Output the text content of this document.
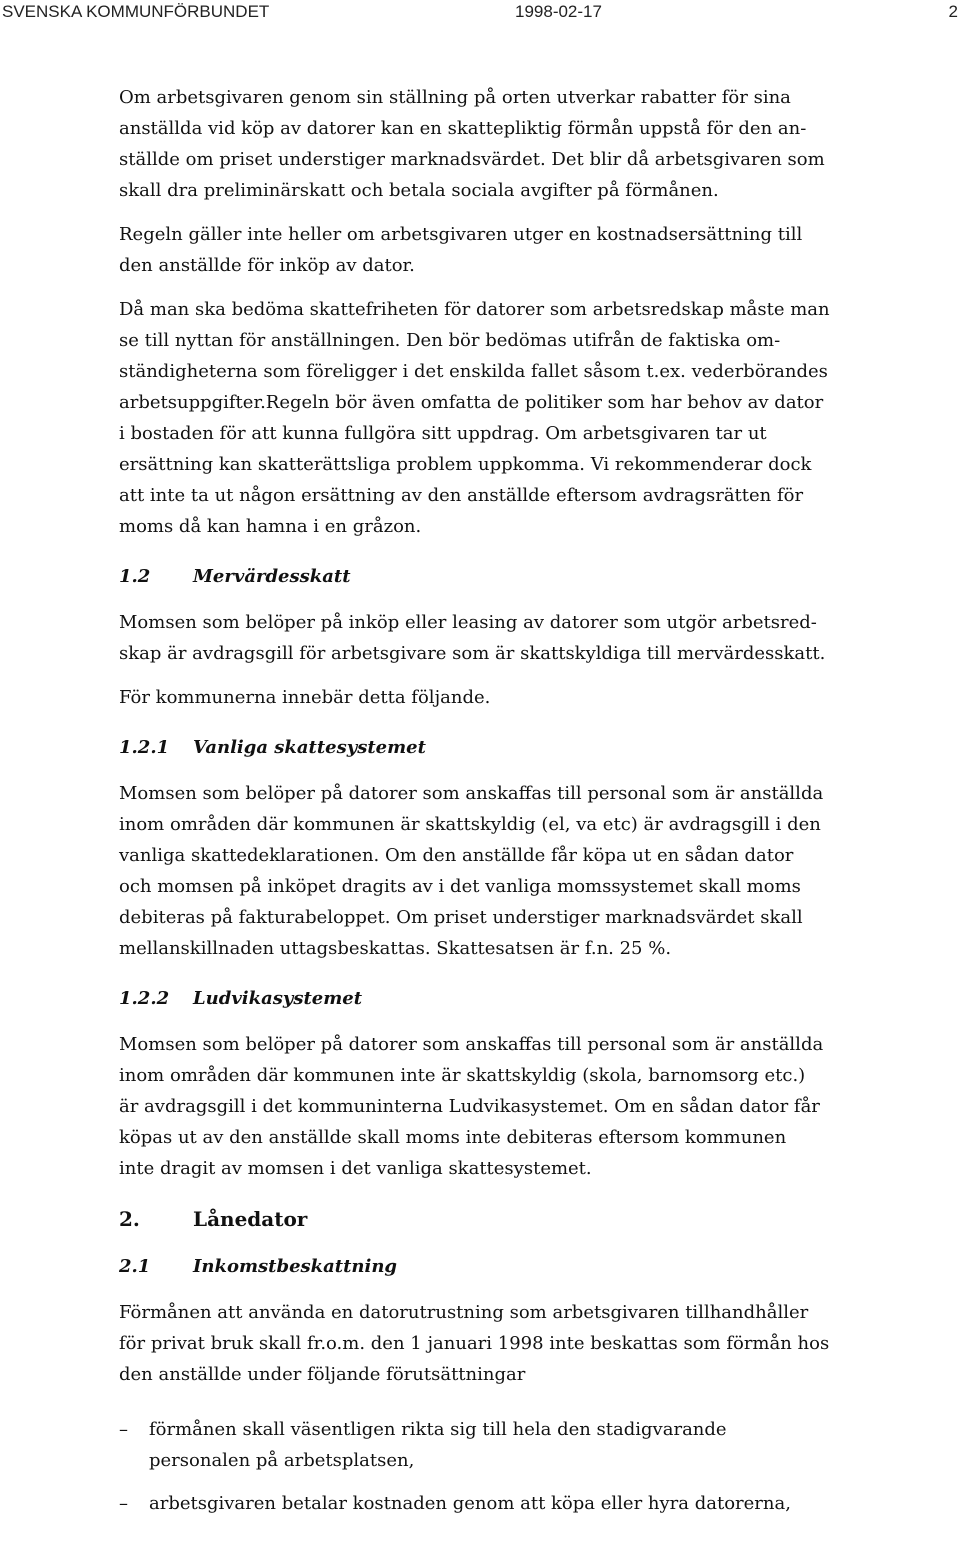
SVENSKA KOMMUNFÖRBUNDET	1998-02-17	2
Om arbetsgivaren genom sin ställning på orten utverkar rabatter för sina
anställda vid köp av datorer kan en skattepliktig förmån uppstå för den an-
ställde om priset understiger marknadsvärdet. Det blir då arbetsgivaren som
skall dra preliminärskatt och betala sociala avgifter på förmånen.
Regeln gäller inte heller om arbetsgivaren utger en kostnadsersättning till
den anställde för inköp av dator.
Då man ska bedöma skattefriheten för datorer som arbetsredskap måste man
se till nyttan för anställningen. Den bör bedömas utifrån de faktiska om-
ständigheterna som föreligger i det enskilda fallet såsom t.ex. vederbörandes
arbetsuppgifter.Regeln bör även omfatta de politiker som har behov av dator
i bostaden för att kunna fullgöra sitt uppdrag. Om arbetsgivaren tar ut
ersättning kan skatterättsliga problem uppkomma. Vi rekommenderar dock
att inte ta ut någon ersättning av den anställde eftersom avdragsrätten för
moms då kan hamna i en gråzon.
1.2	Mervärdesskatt
Momsen som belöper på inköp eller leasing av datorer som utgör arbetsred-
skap är avdragsgill för arbetsgivare som är skattskyldiga till mervärdesskatt.
För kommunerna innebär detta följande.
1.2.1	Vanliga skattesystemet
Momsen som belöper på datorer som anskaffas till personal som är anställda
inom områden där kommunen är skattskyldig (el, va etc) är avdragsgill i den
vanliga skattedeklarationen. Om den anställde får köpa ut en sådan dator
och momsen på inköpet dragits av i det vanliga momssystemet skall moms
debiteras på fakturabeloppet. Om priset understiger marknadsvärdet skall
mellanskillnaden uttagsbeskattas. Skattesatsen är f.n. 25 %.
1.2.2	Ludvikasystemet
Momsen som belöper på datorer som anskaffas till personal som är anställda
inom områden där kommunen inte är skattskyldig (skola, barnomsorg etc.)
är avdragsgill i det kommuninterna Ludvikasystemet. Om en sådan dator får
köpas ut av den anställde skall moms inte debiteras eftersom kommunen
inte dragit av momsen i det vanliga skattesystemet.
2.	Lånedator
2.1	Inkomstbeskattning
Förmånen att använda en datorutrustning som arbetsgivaren tillhandhåller
för privat bruk skall fr.o.m. den 1 januari 1998 inte beskattas som förmån hos
den anställde under följande förutsättningar
– förmånen skall väsentligen rikta sig till hela den stadigvarande
personalen på arbetsplatsen,
– arbetsgivaren betalar kostnaden genom att köpa eller hyra datorerna,
